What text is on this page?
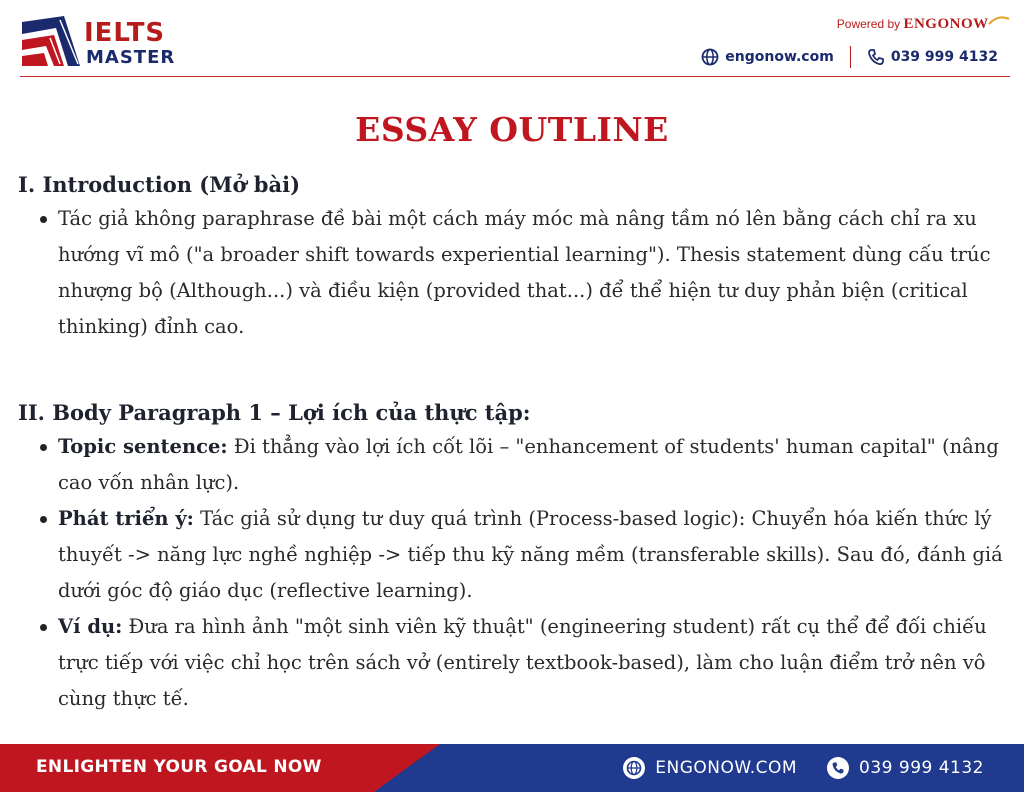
IELTS
MASTER
Powered by ENGONOW
engonow.com	039 999 4132
ESSAY OUTLINE
I. Introduction (Mở bài)
Tác giả không paraphrase đề bài một cách máy móc mà nâng tầm nó lên bằng cách chỉ ra xu hướng vĩ mô ("a broader shift towards experiential learning"). Thesis statement dùng cấu trúc nhượng bộ (Although...) và điều kiện (provided that...) để thể hiện tư duy phản biện (critical thinking) đỉnh cao.
II. Body Paragraph 1 – Lợi ích của thực tập:
Topic sentence: Đi thẳng vào lợi ích cốt lõi – "enhancement of students' human capital" (nâng cao vốn nhân lực).
Phát triển ý: Tác giả sử dụng tư duy quá trình (Process-based logic): Chuyển hóa kiến thức lý thuyết -> năng lực nghề nghiệp -> tiếp thu kỹ năng mềm (transferable skills). Sau đó, đánh giá dưới góc độ giáo dục (reflective learning).
Ví dụ: Đưa ra hình ảnh "một sinh viên kỹ thuật" (engineering student) rất cụ thể để đối chiếu trực tiếp với việc chỉ học trên sách vở (entirely textbook-based), làm cho luận điểm trở nên vô cùng thực tế.
ENLIGHTEN YOUR GOAL NOW	ENGONOW.COM	039 999 4132
